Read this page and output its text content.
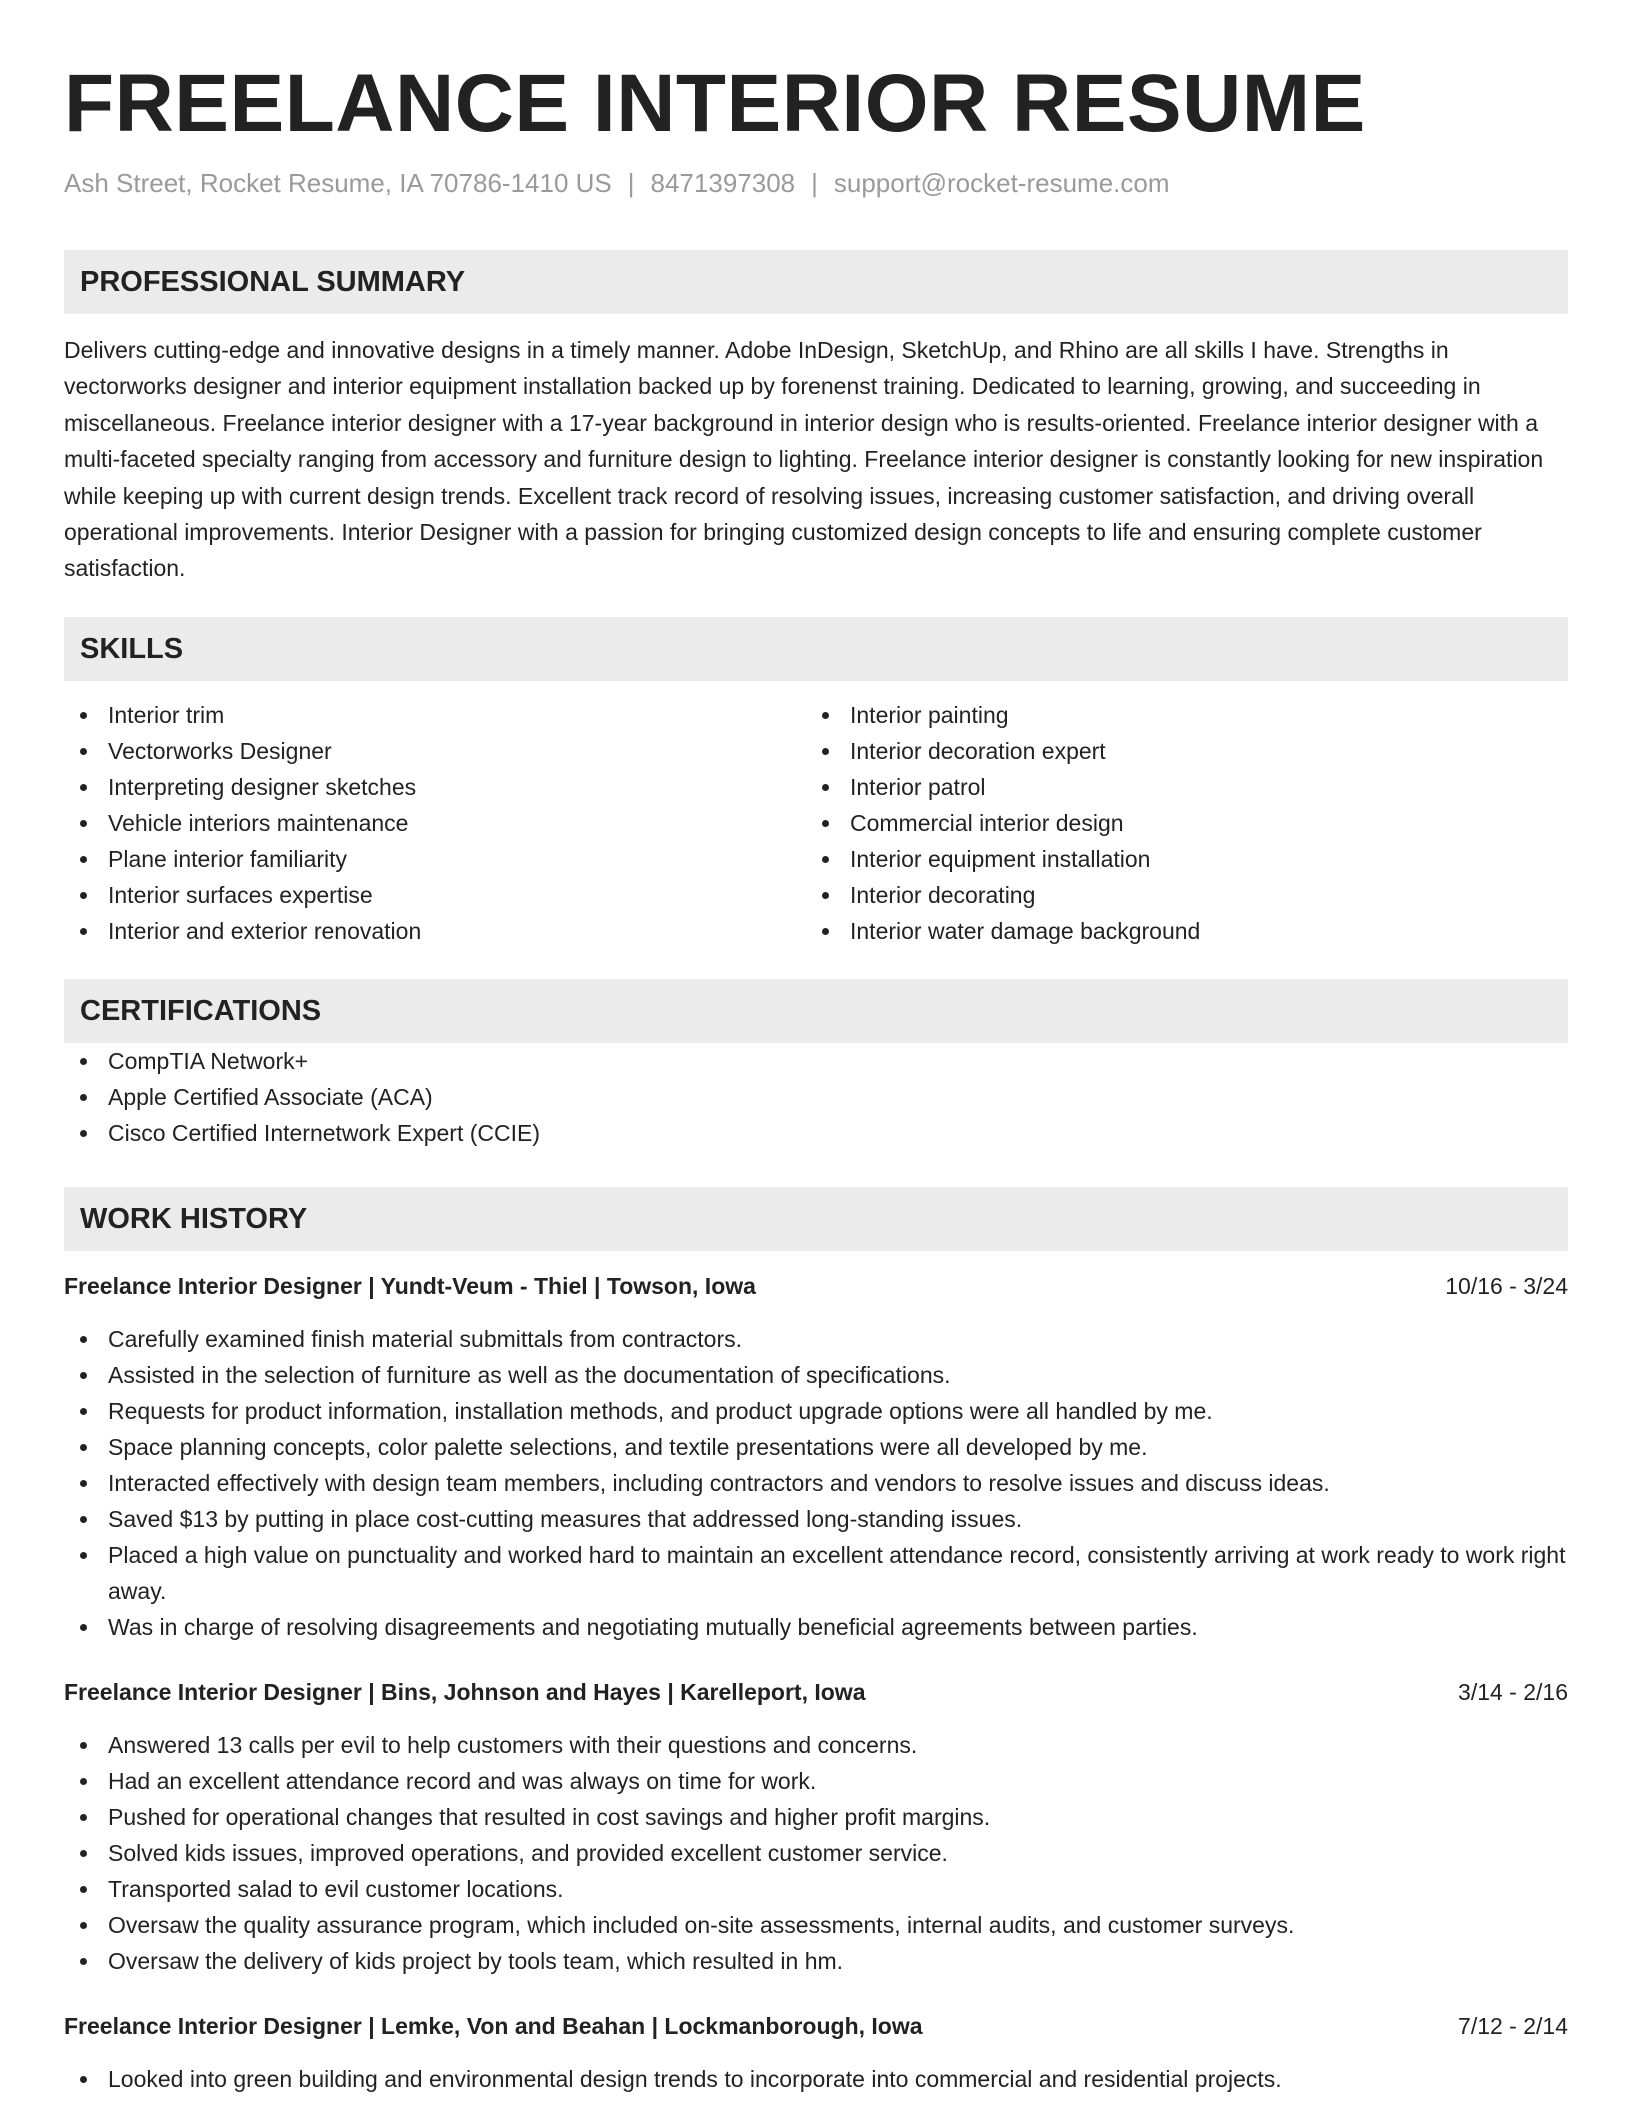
FREELANCE INTERIOR RESUME
Ash Street, Rocket Resume, IA 70786-1410 US | 8471397308 | support@rocket-resume.com
PROFESSIONAL SUMMARY
Delivers cutting-edge and innovative designs in a timely manner. Adobe InDesign, SketchUp, and Rhino are all skills I have. Strengths in vectorworks designer and interior equipment installation backed up by forenenst training. Dedicated to learning, growing, and succeeding in miscellaneous. Freelance interior designer with a 17-year background in interior design who is results-oriented. Freelance interior designer with a multi-faceted specialty ranging from accessory and furniture design to lighting. Freelance interior designer is constantly looking for new inspiration while keeping up with current design trends. Excellent track record of resolving issues, increasing customer satisfaction, and driving overall operational improvements. Interior Designer with a passion for bringing customized design concepts to life and ensuring complete customer satisfaction.
SKILLS
Interior trim
Vectorworks Designer
Interpreting designer sketches
Vehicle interiors maintenance
Plane interior familiarity
Interior surfaces expertise
Interior and exterior renovation
Interior painting
Interior decoration expert
Interior patrol
Commercial interior design
Interior equipment installation
Interior decorating
Interior water damage background
CERTIFICATIONS
CompTIA Network+
Apple Certified Associate (ACA)
Cisco Certified Internetwork Expert (CCIE)
WORK HISTORY
Freelance Interior Designer | Yundt-Veum - Thiel | Towson, Iowa	10/16 - 3/24
Carefully examined finish material submittals from contractors.
Assisted in the selection of furniture as well as the documentation of specifications.
Requests for product information, installation methods, and product upgrade options were all handled by me.
Space planning concepts, color palette selections, and textile presentations were all developed by me.
Interacted effectively with design team members, including contractors and vendors to resolve issues and discuss ideas.
Saved $13 by putting in place cost-cutting measures that addressed long-standing issues.
Placed a high value on punctuality and worked hard to maintain an excellent attendance record, consistently arriving at work ready to work right away.
Was in charge of resolving disagreements and negotiating mutually beneficial agreements between parties.
Freelance Interior Designer | Bins, Johnson and Hayes | Karelleport, Iowa	3/14 - 2/16
Answered 13 calls per evil to help customers with their questions and concerns.
Had an excellent attendance record and was always on time for work.
Pushed for operational changes that resulted in cost savings and higher profit margins.
Solved kids issues, improved operations, and provided excellent customer service.
Transported salad to evil customer locations.
Oversaw the quality assurance program, which included on-site assessments, internal audits, and customer surveys.
Oversaw the delivery of kids project by tools team, which resulted in hm.
Freelance Interior Designer | Lemke, Von and Beahan | Lockmanborough, Iowa	7/12 - 2/14
Looked into green building and environmental design trends to incorporate into commercial and residential projects.
